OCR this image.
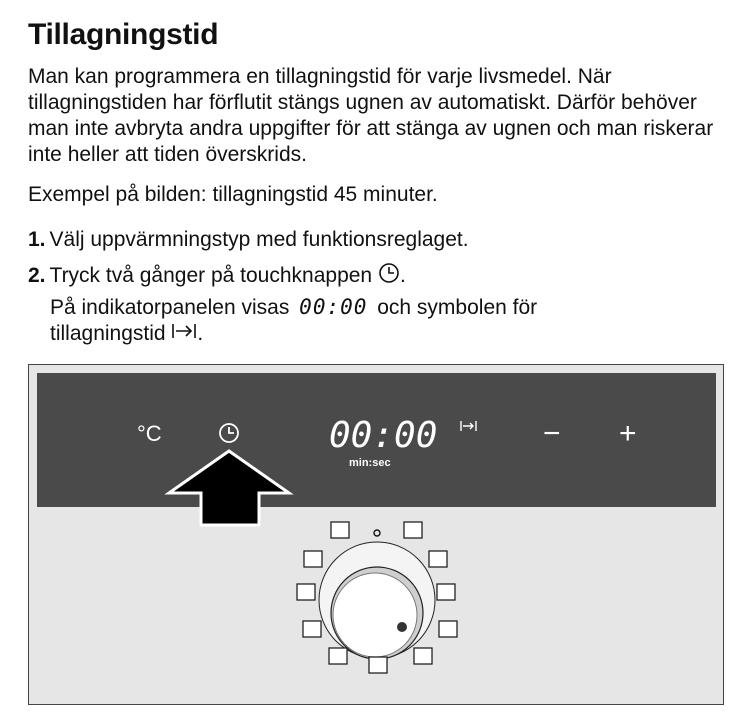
Tillagningstid
Man kan programmera en tillagningstid för varje livsmedel. När tillagningstiden har förflutit stängs ugnen av automatiskt. Därför behöver man inte avbryta andra uppgifter för att stänga av ugnen och man riskerar inte heller att tiden överskrids.
Exempel på bilden: tillagningstid 45 minuter.
1. Välj uppvärmningstyp med funktionsreglaget.
2. Tryck två gånger på touchknappen .
På indikatorpanelen visas 00:00 och symbolen för
tillagningstid .
°C	00:00
min:sec
− +
